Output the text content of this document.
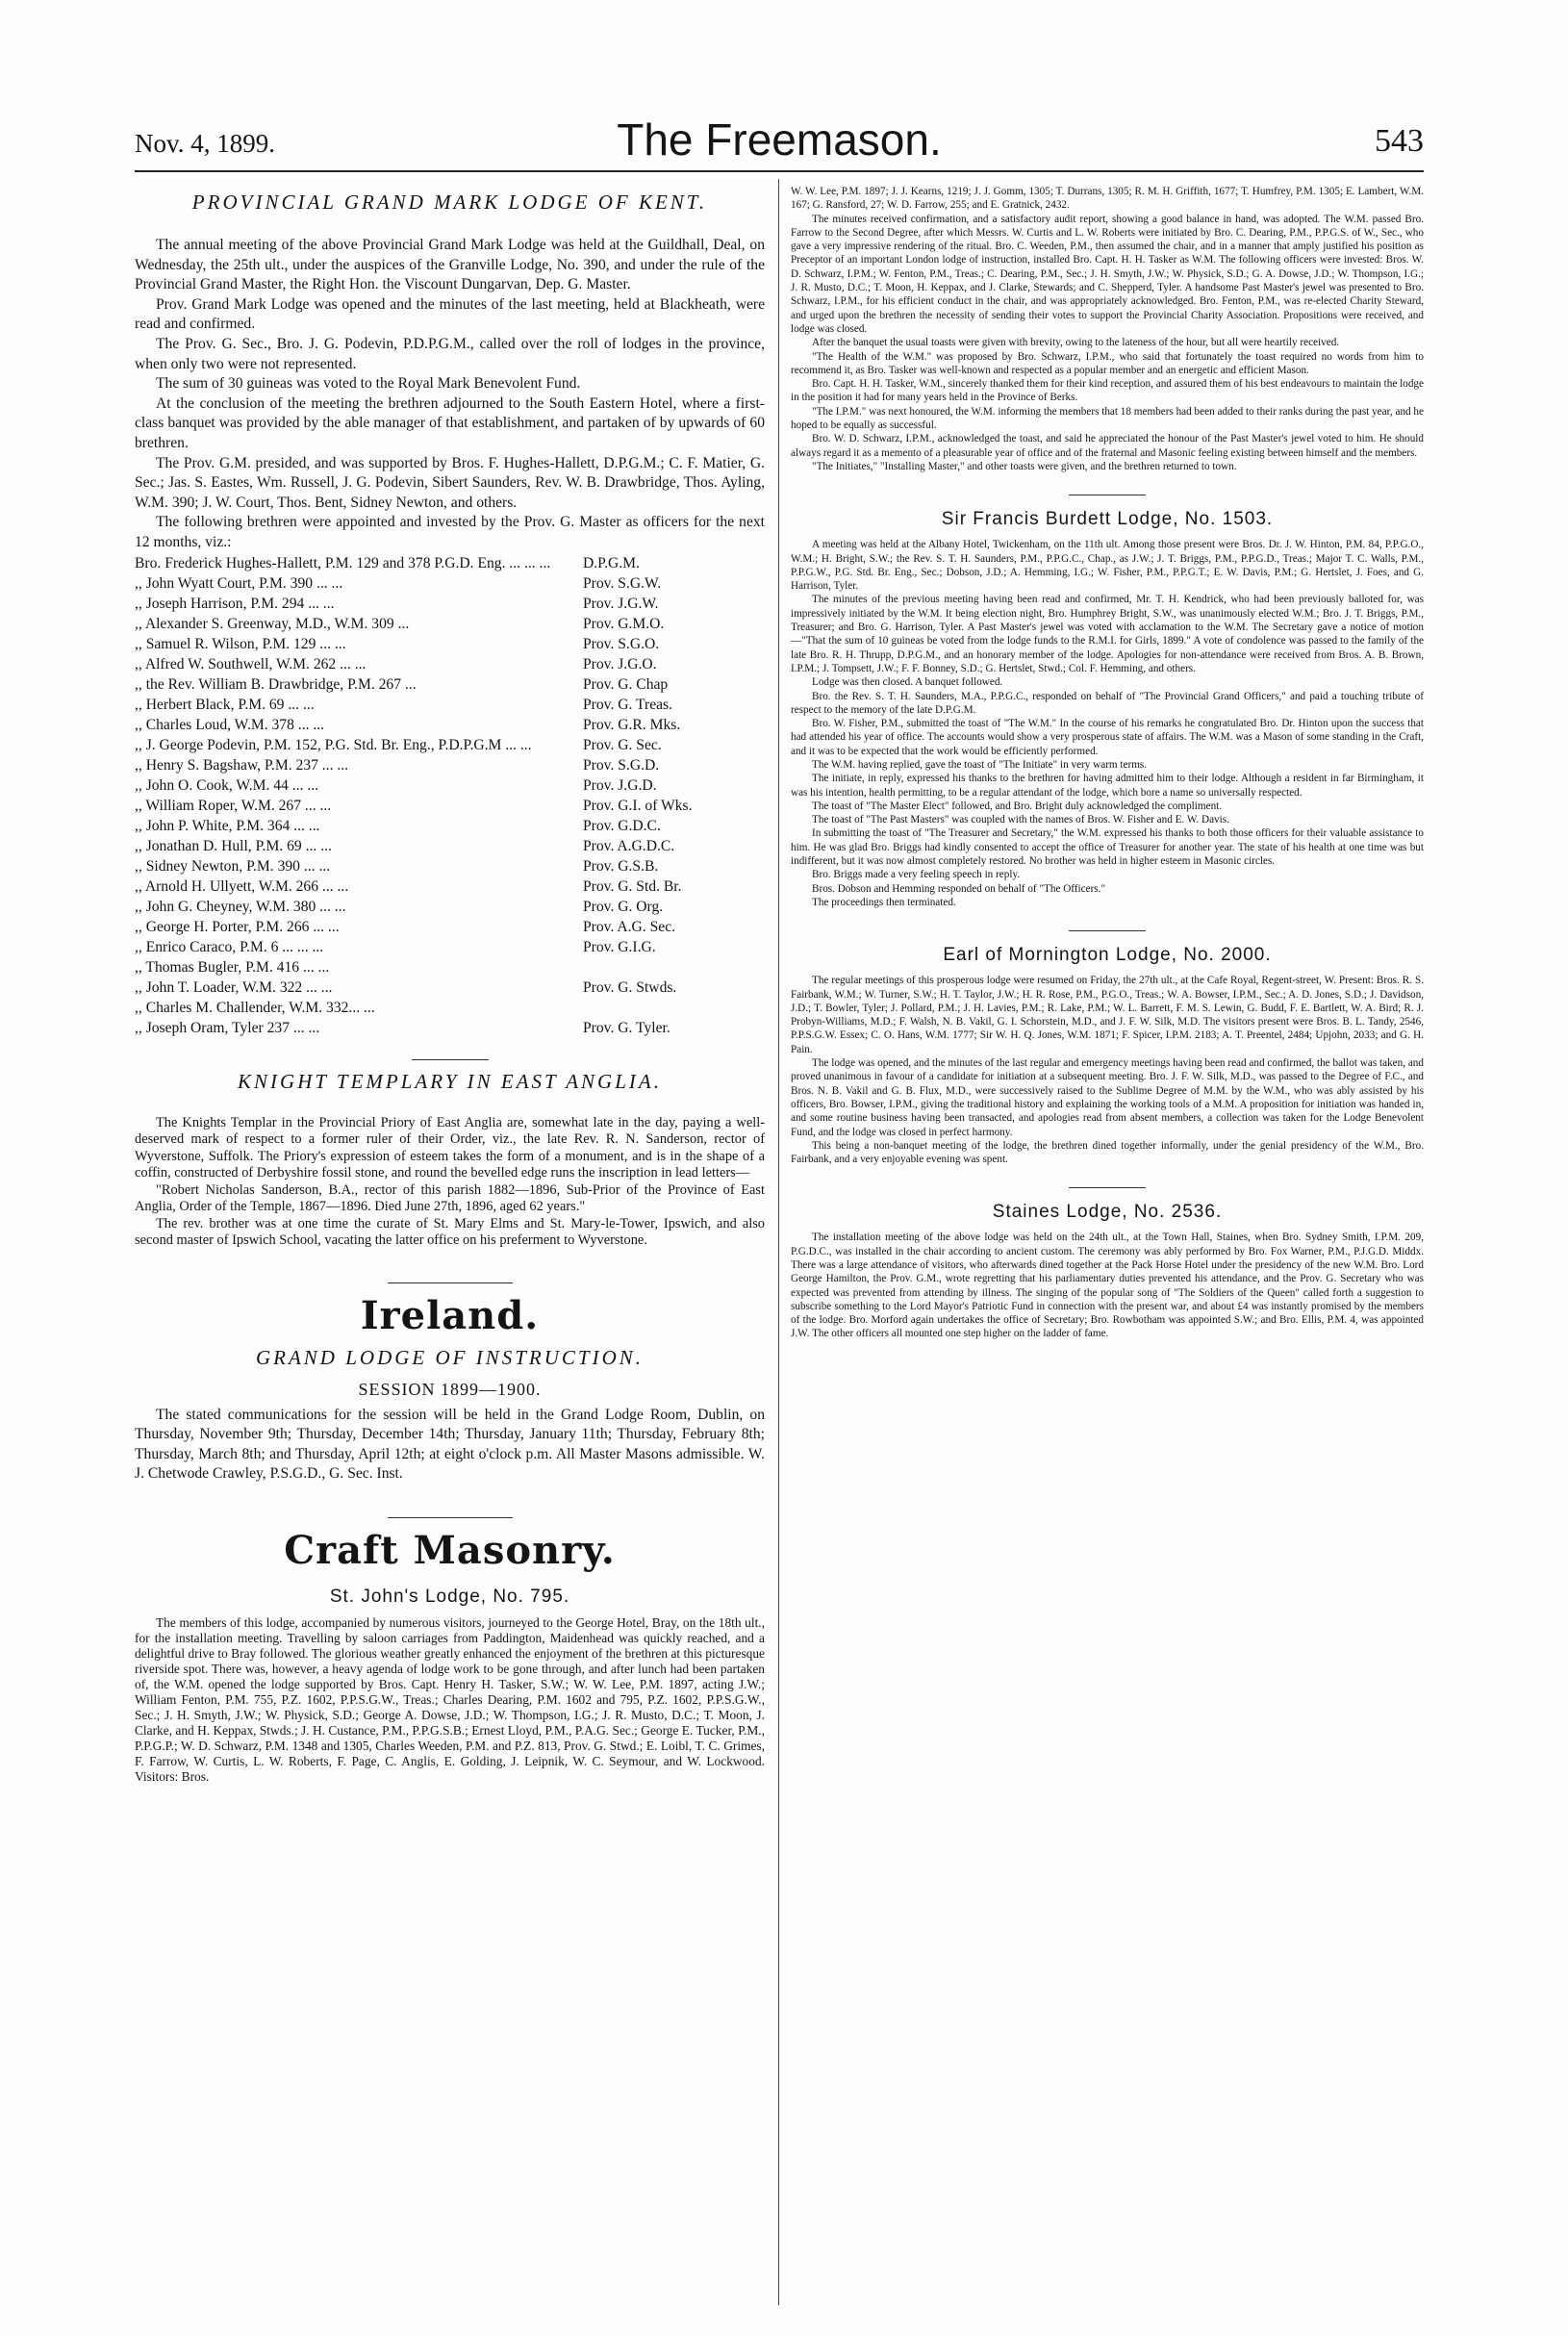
Nov. 4, 1899.	The Freemason.	543
PROVINCIAL GRAND MARK LODGE OF KENT.

The annual meeting of the above Provincial Grand Mark Lodge was held at the Guildhall, Deal, on Wednesday, the 25th ult., under the auspices of the Granville Lodge, No. 390, and under the rule of the Provincial Grand Master, the Right Hon. the Viscount Dungarvan, Dep. G. Master.

Prov. Grand Mark Lodge was opened and the minutes of the last meeting, held at Blackheath, were read and confirmed.

The Prov. G. Sec., Bro. J. G. Podevin, P.D.P.G.M., called over the roll of lodges in the province, when only two were not represented.

The sum of 30 guineas was voted to the Royal Mark Benevolent Fund.

At the conclusion of the meeting the brethren adjourned to the South Eastern Hotel, where a first-class banquet was provided by the able manager of that establishment, and partaken of by upwards of 60 brethren.

The Prov. G.M. presided, and was supported by Bros. F. Hughes-Hallett, D.P.G.M.; C. F. Matier, G. Sec.; Jas. S. Eastes, Wm. Russell, J. G. Podevin, Sibert Saunders, Rev. W. B. Drawbridge, Thos. Ayling, W.M. 390; J. W. Court, Thos. Bent, Sidney Newton, and others.

The following brethren were appointed and invested by the Prov. G. Master as officers for the next 12 months, viz.:

Bro. Frederick Hughes-Hallett, P.M. 129 and 378 P.G.D. Eng. ... ... ...	D.P.G.M.
,, John Wyatt Court, P.M. 390 ... ...	Prov. S.G.W.
,, Joseph Harrison, P.M. 294 ... ...	Prov. J.G.W.
,, Alexander S. Greenway, M.D., W.M. 309 ...	Prov. G.M.O.
,, Samuel R. Wilson, P.M. 129 ... ...	Prov. S.G.O.
,, Alfred W. Southwell, W.M. 262 ... ...	Prov. J.G.O.
,, the Rev. William B. Drawbridge, P.M. 267 ...	Prov. G. Chap
,, Herbert Black, P.M. 69 ... ...	Prov. G. Treas.
,, Charles Loud, W.M. 378 ... ...	Prov. G.R. Mks.
,, J. George Podevin, P.M. 152, P.G. Std. Br. Eng., P.D.P.G.M ... ...	Prov. G. Sec.
,, Henry S. Bagshaw, P.M. 237 ... ...	Prov. S.G.D.
,, John O. Cook, W.M. 44 ... ...	Prov. J.G.D.
,, William Roper, W.M. 267 ... ...	Prov. G.I. of Wks.
,, John P. White, P.M. 364 ... ...	Prov. G.D.C.
,, Jonathan D. Hull, P.M. 69 ... ...	Prov. A.G.D.C.
,, Sidney Newton, P.M. 390 ... ...	Prov. G.S.B.
,, Arnold H. Ullyett, W.M. 266 ... ...	Prov. G. Std. Br.
,, John G. Cheyney, W.M. 380 ... ...	Prov. G. Org.
,, George H. Porter, P.M. 266 ... ...	Prov. A.G. Sec.
,, Enrico Caraco, P.M. 6 ... ... ...	Prov. G.I.G.
,, Thomas Bugler, P.M. 416 ... ...
,, John T. Loader, W.M. 322 ... ...	Prov. G. Stwds.
,, Charles M. Challender, W.M. 332... ...
,, Joseph Oram, Tyler 237 ... ...	Prov. G. Tyler.
KNIGHT TEMPLARY IN EAST ANGLIA.

The Knights Templar in the Provincial Priory of East Anglia are, somewhat late in the day, paying a well-deserved mark of respect to a former ruler of their Order, viz., the late Rev. R. N. Sanderson, rector of Wyverstone, Suffolk. The Priory's expression of esteem takes the form of a monument, and is in the shape of a coffin, constructed of Derbyshire fossil stone, and round the bevelled edge runs the inscription in lead letters—

"Robert Nicholas Sanderson, B.A., rector of this parish 1882—1896, Sub-Prior of the Province of East Anglia, Order of the Temple, 1867—1896. Died June 27th, 1896, aged 62 years."

The rev. brother was at one time the curate of St. Mary Elms and St. Mary-le-Tower, Ipswich, and also second master of Ipswich School, vacating the latter office on his preferment to Wyverstone.

Ireland.
GRAND LODGE OF INSTRUCTION.
SESSION 1899—1900.

The stated communications for the session will be held in the Grand Lodge Room, Dublin, on Thursday, November 9th; Thursday, December 14th; Thursday, January 11th; Thursday, February 8th; Thursday, March 8th; and Thursday, April 12th; at eight o'clock p.m. All Master Masons admissible. W. J. Chetwode Crawley, P.S.G.D., G. Sec. Inst.

Craft Masonry.
St. John's Lodge, No. 795.

The members of this lodge, accompanied by numerous visitors, journeyed to the George Hotel, Bray, on the 18th ult., for the installation meeting. Travelling by saloon carriages from Paddington, Maidenhead was quickly reached, and a delightful drive to Bray followed. The glorious weather greatly enhanced the enjoyment of the brethren at this picturesque riverside spot. There was, however, a heavy agenda of lodge work to be gone through, and after lunch had been partaken of, the W.M. opened the lodge supported by Bros. Capt. Henry H. Tasker, S.W.; W. W. Lee, P.M. 1897, acting J.W.; William Fenton, P.M. 755, P.Z. 1602, P.P.S.G.W., Treas.; Charles Dearing, P.M. 1602 and 795, P.Z. 1602, P.P.S.G.W., Sec.; J. H. Smyth, J.W.; W. Physick, S.D.; George A. Dowse, J.D.; W. Thompson, I.G.; J. R. Musto, D.C.; T. Moon, J. Clarke, and H. Keppax, Stwds.; J. H. Custance, P.M., P.P.G.S.B.; Ernest Lloyd, P.M., P.A.G. Sec.; George E. Tucker, P.M., P.P.G.P.; W. D. Schwarz, P.M. 1348 and 1305, Charles Weeden, P.M. and P.Z. 813, Prov. G. Stwd.; E. Loibl, T. C. Grimes, F. Farrow, W. Curtis, L. W. Roberts, F. Page, C. Anglis, E. Golding, J. Leipnik, W. C. Seymour, and W. Lockwood. Visitors: Bros.

W. W. Lee, P.M. 1897; J. J. Kearns, 1219; J. J. Gomm, 1305; T. Durrans, 1305; R. M. H. Griffith, 1677; T. Humfrey, P.M. 1305; E. Lambert, W.M. 167; G. Ransford, 27; W. D. Farrow, 255; and E. Gratnick, 2432.

The minutes received confirmation, and a satisfactory audit report, showing a good balance in hand, was adopted. The W.M. passed Bro. Farrow to the Second Degree, after which Messrs. W. Curtis and L. W. Roberts were initiated by Bro. C. Dearing, P.M., P.P.G.S. of W., Sec., who gave a very impressive rendering of the ritual. Bro. C. Weeden, P.M., then assumed the chair, and in a manner that amply justified his position as Preceptor of an important London lodge of instruction, installed Bro. Capt. H. H. Tasker as W.M. The following officers were invested: Bros. W. D. Schwarz, I.P.M.; W. Fenton, P.M., Treas.; C. Dearing, P.M., Sec.; J. H. Smyth, J.W.; W. Physick, S.D.; G. A. Dowse, J.D.; W. Thompson, I.G.; J. R. Musto, D.C.; T. Moon, H. Keppax, and J. Clarke, Stewards; and C. Shepperd, Tyler. A handsome Past Master's jewel was presented to Bro. Schwarz, I.P.M., for his efficient conduct in the chair, and was appropriately acknowledged. Bro. Fenton, P.M., was re-elected Charity Steward, and urged upon the brethren the necessity of sending their votes to support the Provincial Charity Association. Propositions were received, and lodge was closed.

After the banquet the usual toasts were given with brevity, owing to the lateness of the hour, but all were heartily received.

"The Health of the W.M." was proposed by Bro. Schwarz, I.P.M., who said that fortunately the toast required no words from him to recommend it, as Bro. Tasker was well-known and respected as a popular member and an energetic and efficient Mason.

Bro. Capt. H. H. Tasker, W.M., sincerely thanked them for their kind reception, and assured them of his best endeavours to maintain the lodge in the position it had for many years held in the Province of Berks.

"The I.P.M." was next honoured, the W.M. informing the members that 18 members had been added to their ranks during the past year, and he hoped to be equally as successful.

Bro. W. D. Schwarz, I.P.M., acknowledged the toast, and said he appreciated the honour of the Past Master's jewel voted to him. He should always regard it as a memento of a pleasurable year of office and of the fraternal and Masonic feeling existing between himself and the members.

"The Initiates," "Installing Master," and other toasts were given, and the brethren returned to town.

Sir Francis Burdett Lodge, No. 1503.

A meeting was held at the Albany Hotel, Twickenham, on the 11th ult. Among those present were Bros. Dr. J. W. Hinton, P.M. 84, P.P.G.O., W.M.; H. Bright, S.W.; the Rev. S. T. H. Saunders, P.M., P.P.G.C., Chap., as J.W.; J. T. Briggs, P.M., P.P.G.D., Treas.; Major T. C. Walls, P.M., P.P.G.W., P.G. Std. Br. Eng., Sec.; Dobson, J.D.; A. Hemming, I.G.; W. Fisher, P.M., P.P.G.T.; E. W. Davis, P.M.; G. Hertslet, J. Foes, and G. Harrison, Tyler.

The minutes of the previous meeting having been read and confirmed, Mr. T. H. Kendrick, who had been previously balloted for, was impressively initiated by the W.M. It being election night, Bro. Humphrey Bright, S.W., was unanimously elected W.M.; Bro. J. T. Briggs, P.M., Treasurer; and Bro. G. Harrison, Tyler. A Past Master's jewel was voted with acclamation to the W.M. The Secretary gave a notice of motion—"That the sum of 10 guineas be voted from the lodge funds to the R.M.I. for Girls, 1899." A vote of condolence was passed to the family of the late Bro. R. H. Thrupp, D.P.G.M., and an honorary member of the lodge. Apologies for non-attendance were received from Bros. A. B. Brown, I.P.M.; J. Tompsett, J.W.; F. F. Bonney, S.D.; G. Hertslet, Stwd.; Col. F. Hemming, and others.

Lodge was then closed. A banquet followed.

Bro. the Rev. S. T. H. Saunders, M.A., P.P.G.C., responded on behalf of "The Provincial Grand Officers," and paid a touching tribute of respect to the memory of the late D.P.G.M.

Bro. W. Fisher, P.M., submitted the toast of "The W.M." In the course of his remarks he congratulated Bro. Dr. Hinton upon the success that had attended his year of office. The accounts would show a very prosperous state of affairs. The W.M. was a Mason of some standing in the Craft, and it was to be expected that the work would be efficiently performed.

The W.M. having replied, gave the toast of "The Initiate" in very warm terms.

The initiate, in reply, expressed his thanks to the brethren for having admitted him to their lodge. Although a resident in far Birmingham, it was his intention, health permitting, to be a regular attendant of the lodge, which bore a name so universally respected.

The toast of "The Master Elect" followed, and Bro. Bright duly acknowledged the compliment.

The toast of "The Past Masters" was coupled with the names of Bros. W. Fisher and E. W. Davis.

In submitting the toast of "The Treasurer and Secretary," the W.M. expressed his thanks to both those officers for their valuable assistance to him. He was glad Bro. Briggs had kindly consented to accept the office of Treasurer for another year. The state of his health at one time was but indifferent, but it was now almost completely restored. No brother was held in higher esteem in Masonic circles.

Bro. Briggs made a very feeling speech in reply.

Bros. Dobson and Hemming responded on behalf of "The Officers."

The proceedings then terminated.

Earl of Mornington Lodge, No. 2000.

The regular meetings of this prosperous lodge were resumed on Friday, the 27th ult., at the Cafe Royal, Regent-street, W. Present: Bros. R. S. Fairbank, W.M.; W. Turner, S.W.; H. T. Taylor, J.W.; H. R. Rose, P.M., P.G.O., Treas.; W. A. Bowser, I.P.M., Sec.; A. D. Jones, S.D.; J. Davidson, J.D.; T. Bowler, Tyler; J. Pollard, P.M.; J. H. Lavies, P.M.; R. Lake, P.M.; W. L. Barrett, F. M. S. Lewin, G. Budd, F. E. Bartlett, W. A. Bird; R. J. Probyn-Williams, M.D.; F. Walsh, N. B. Vakil, G. I. Schorstein, M.D., and J. F. W. Silk, M.D. The visitors present were Bros. B. L. Tandy, 2546, P.P.S.G.W. Essex; C. O. Hans, W.M. 1777; Sir W. H. Q. Jones, W.M. 1871; F. Spicer, I.P.M. 2183; A. T. Preentel, 2484; Upjohn, 2033; and G. H. Pain.

The lodge was opened, and the minutes of the last regular and emergency meetings having been read and confirmed, the ballot was taken, and proved unanimous in favour of a candidate for initiation at a subsequent meeting. Bro. J. F. W. Silk, M.D., was passed to the Degree of F.C., and Bros. N. B. Vakil and G. B. Flux, M.D., were successively raised to the Sublime Degree of M.M. by the W.M., who was ably assisted by his officers, Bro. Bowser, I.P.M., giving the traditional history and explaining the working tools of a M.M. A proposition for initiation was handed in, and some routine business having been transacted, and apologies read from absent members, a collection was taken for the Lodge Benevolent Fund, and the lodge was closed in perfect harmony.

This being a non-banquet meeting of the lodge, the brethren dined together informally, under the genial presidency of the W.M., Bro. Fairbank, and a very enjoyable evening was spent.

Staines Lodge, No. 2536.

The installation meeting of the above lodge was held on the 24th ult., at the Town Hall, Staines, when Bro. Sydney Smith, I.P.M. 209, P.G.D.C., was installed in the chair according to ancient custom. The ceremony was ably performed by Bro. Fox Warner, P.M., P.J.G.D. Middx. There was a large attendance of visitors, who afterwards dined together at the Pack Horse Hotel under the presidency of the new W.M. Bro. Lord George Hamilton, the Prov. G.M., wrote regretting that his parliamentary duties prevented his attendance, and the Prov. G. Secretary who was expected was prevented from attending by illness. The singing of the popular song of "The Soldiers of the Queen" called forth a suggestion to subscribe something to the Lord Mayor's Patriotic Fund in connection with the present war, and about £4 was instantly promised by the members of the lodge. Bro. Morford again undertakes the office of Secretary; Bro. Rowbotham was appointed S.W.; and Bro. Ellis, P.M. 4, was appointed J.W. The other officers all mounted one step higher on the ladder of fame.
